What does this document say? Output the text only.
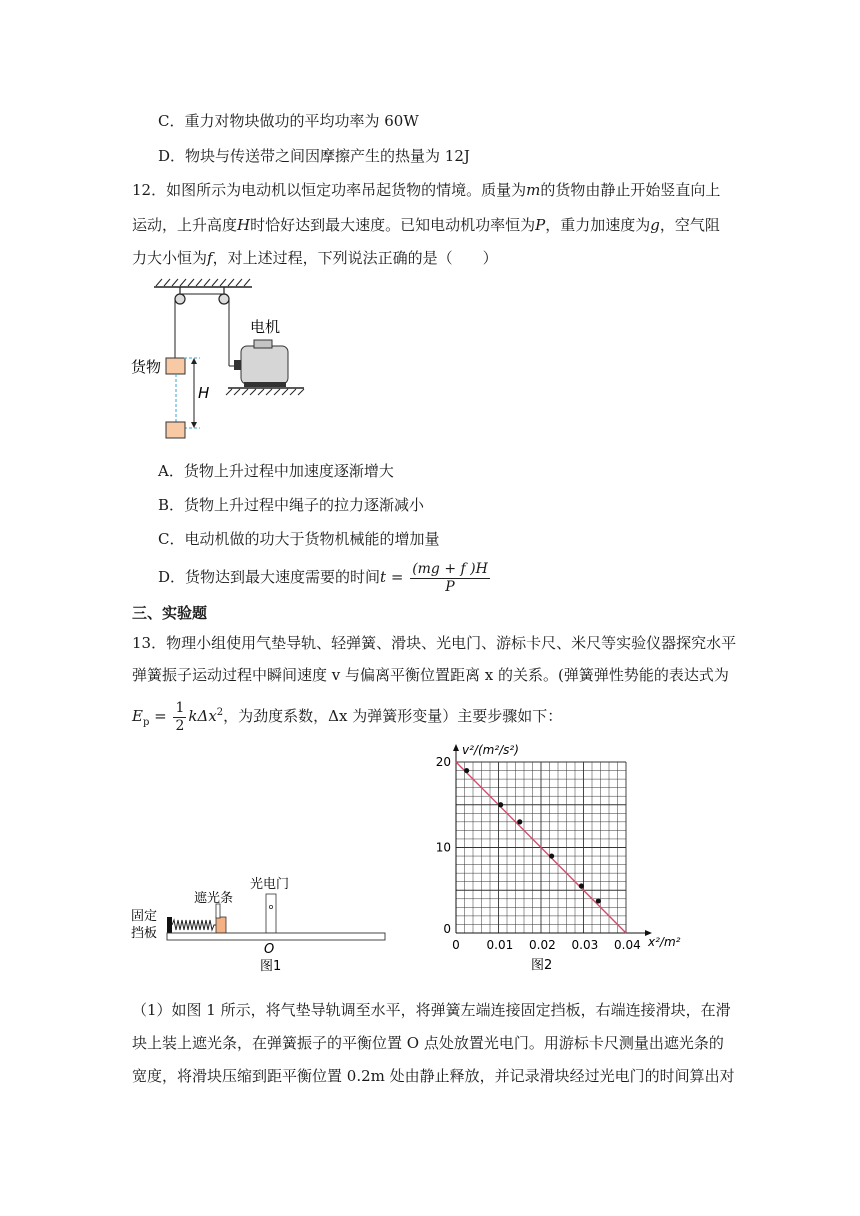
C．重力对物块做功的平均功率为 60W
D．物块与传送带之间因摩擦产生的热量为 12J
12．如图所示为电动机以恒定功率吊起货物的情境。质量为m的货物由静止开始竖直向上
运动，上升高度H时恰好达到最大速度。已知电动机功率恒为P，重力加速度为g，空气阻
力大小恒为f，对上述过程，下列说法正确的是（　　）
H
电机
货物
A．货物上升过程中加速度逐渐增大
B．货物上升过程中绳子的拉力逐渐减小
C．电动机做的功大于货物机械能的增加量
D．货物达到最大速度需要的时间$t = \frac{(mg + f )H}{P}$
三、实验题
13．物理小组使用气垫导轨、轻弹簧、滑块、光电门、游标卡尺、米尺等实验仪器探究水平
弹簧振子运动过程中瞬间速度 v 与偏离平衡位置距离 x 的关系。(弹簧弹性势能的表达式为
$E_p = \frac{1}{2} k\Delta x^2$，为劲度系数，Δx 为弹簧形变量）主要步骤如下：
遮光条
光电门
固定
挡板
O
图1
0 0.01 0.02 0.03 0.04
0
10
20
v²/(m²/s²)
x²/m²
图2
（1）如图 1 所示，将气垫导轨调至水平，将弹簧左端连接固定挡板，右端连接滑块，在滑
块上装上遮光条，在弹簧振子的平衡位置 O 点处放置光电门。用游标卡尺测量出遮光条的
宽度，将滑块压缩到距平衡位置 0.2m 处由静止释放，并记录滑块经过光电门的时间算出对
